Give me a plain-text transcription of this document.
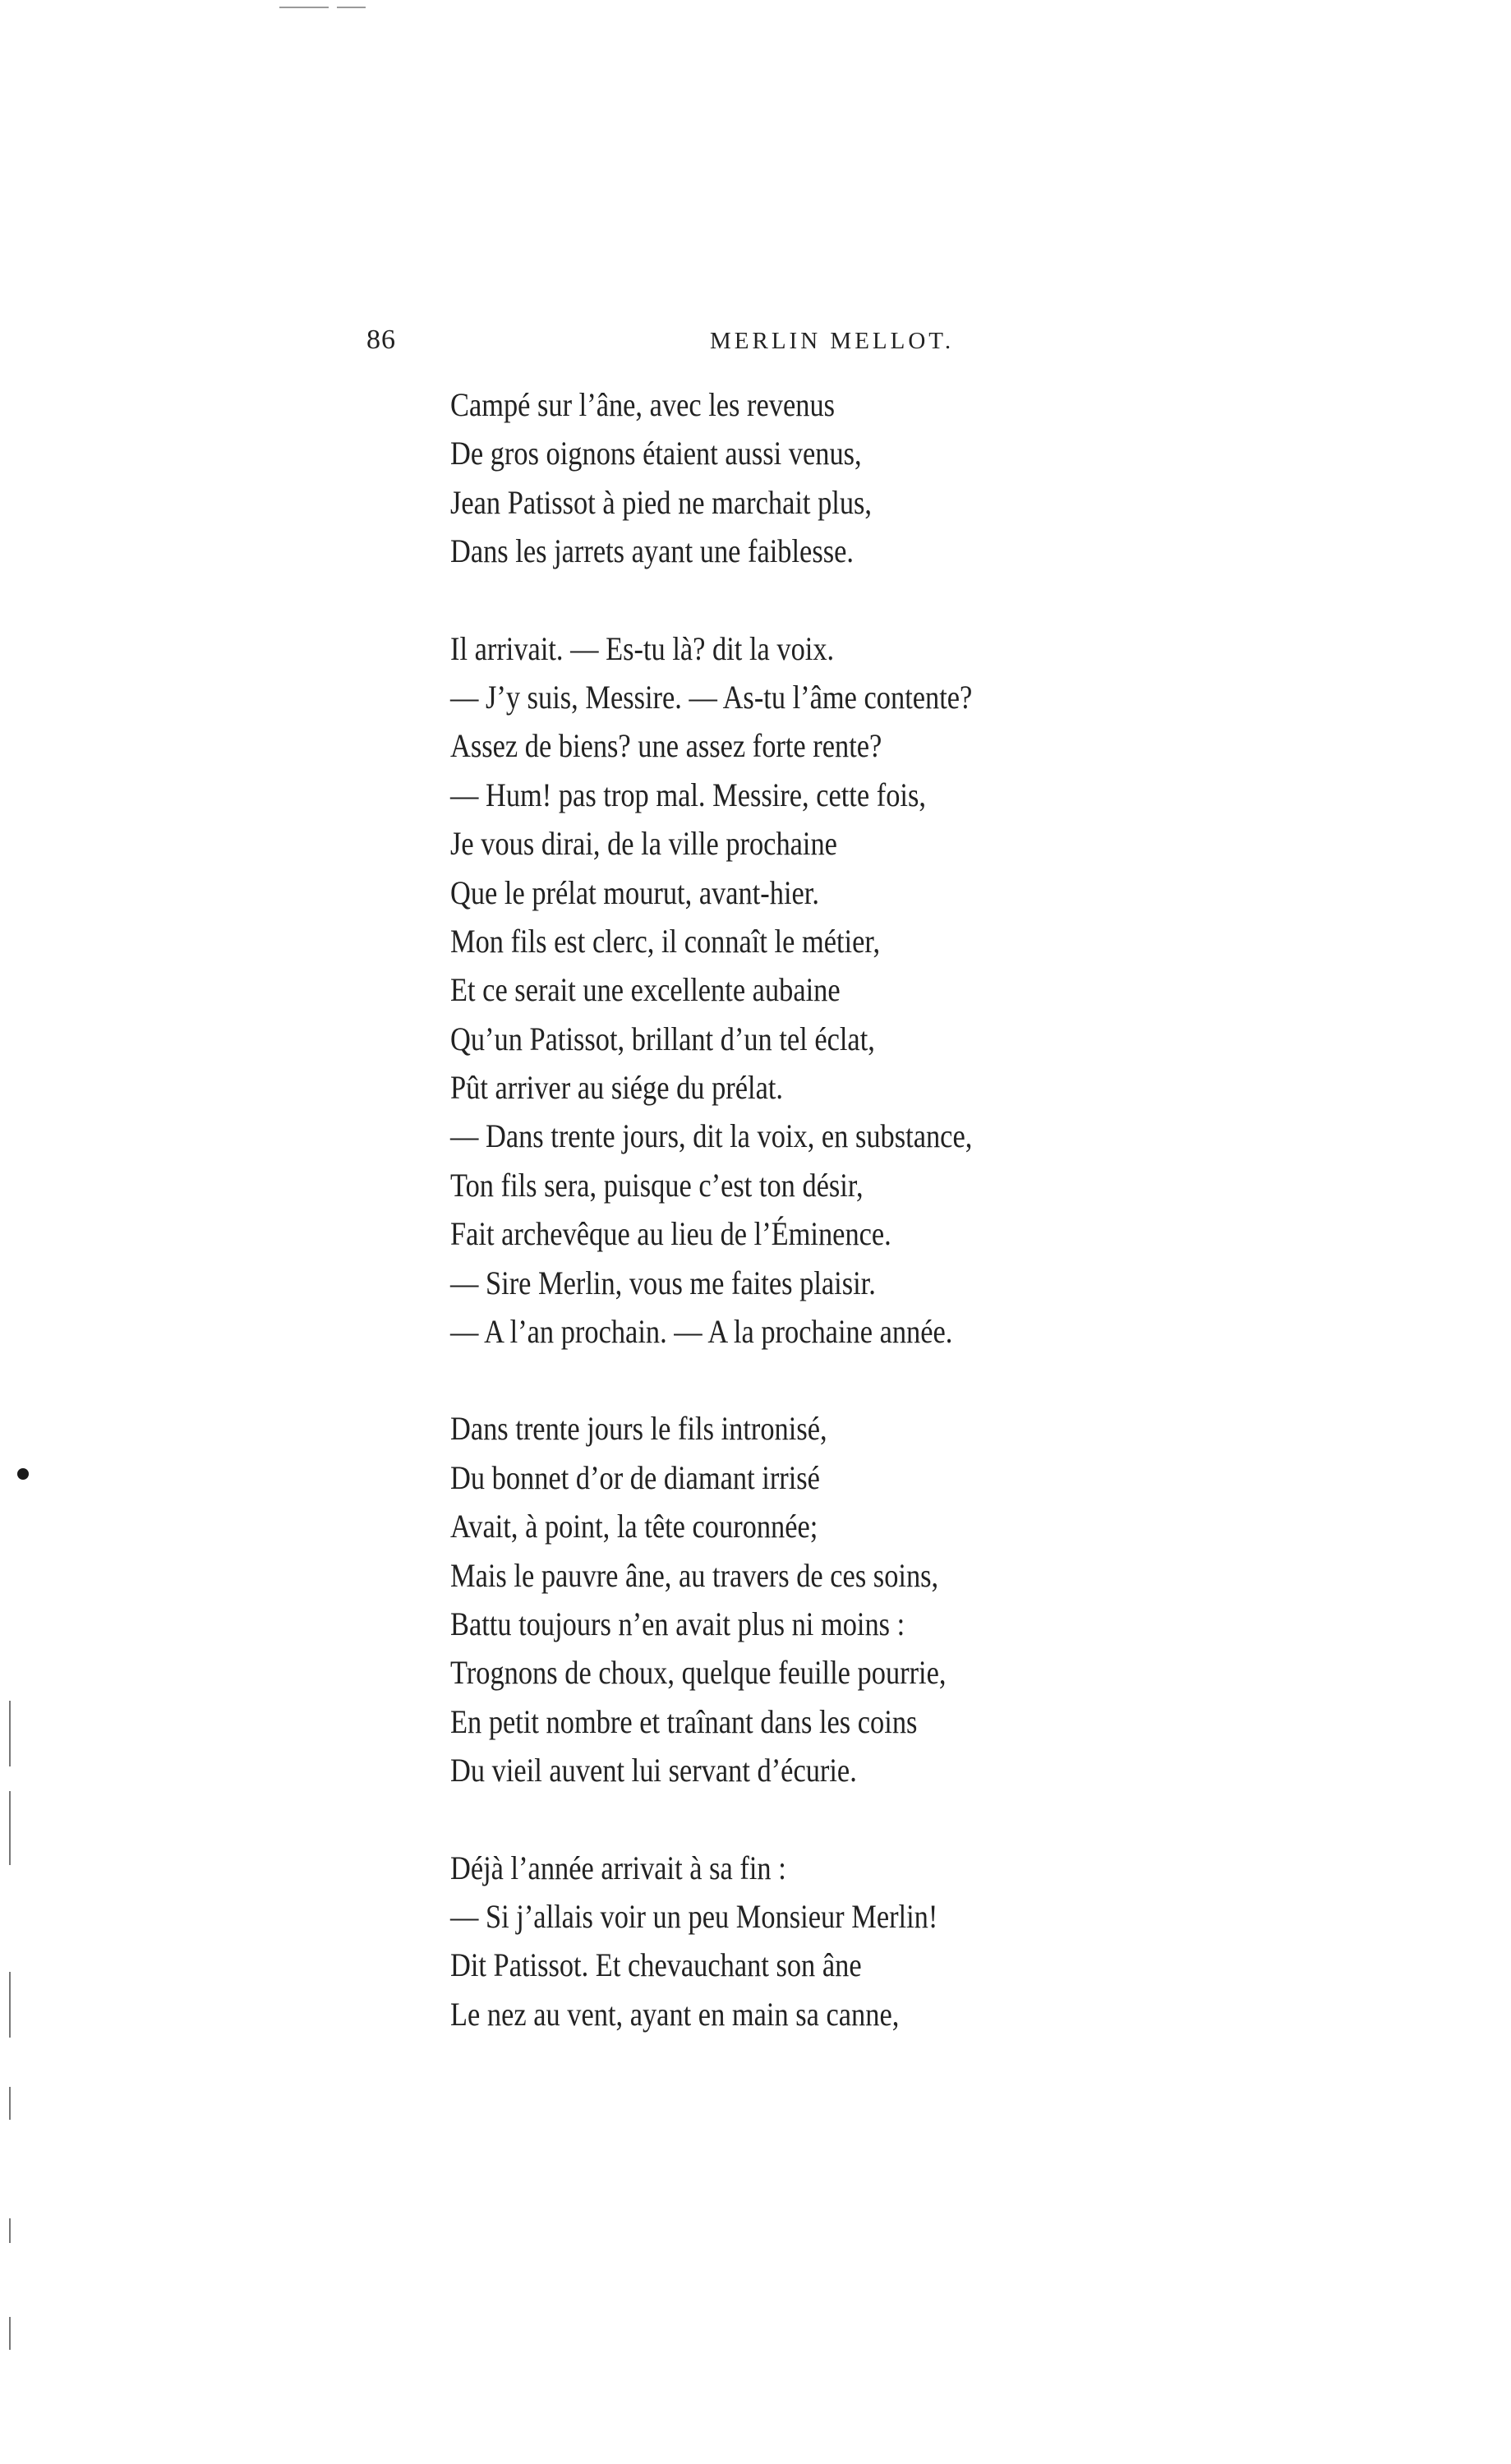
86	MERLIN MELLOT.
Campé sur l’âne, avec les revenus
De gros oignons étaient aussi venus,
Jean Patissot à pied ne marchait plus,
Dans les jarrets ayant une faiblesse.
Il arrivait. — Es-tu là? dit la voix.
— J’y suis, Messire. — As-tu l’âme contente?
Assez de biens? une assez forte rente?
— Hum! pas trop mal. Messire, cette fois,
Je vous dirai, de la ville prochaine
Que le prélat mourut, avant-hier.
Mon fils est clerc, il connaît le métier,
Et ce serait une excellente aubaine
Qu’un Patissot, brillant d’un tel éclat,
Pût arriver au siége du prélat.
— Dans trente jours, dit la voix, en substance,
Ton fils sera, puisque c’est ton désir,
Fait archevêque au lieu de l’Éminence.
— Sire Merlin, vous me faites plaisir.
— A l’an prochain. — A la prochaine année.
Dans trente jours le fils intronisé,
Du bonnet d’or de diamant irrisé
Avait, à point, la tête couronnée;
Mais le pauvre âne, au travers de ces soins,
Battu toujours n’en avait plus ni moins :
Trognons de choux, quelque feuille pourrie,
En petit nombre et traînant dans les coins
Du vieil auvent lui servant d’écurie.
Déjà l’année arrivait à sa fin :
— Si j’allais voir un peu Monsieur Merlin!
Dit Patissot. Et chevauchant son âne
Le nez au vent, ayant en main sa canne,
